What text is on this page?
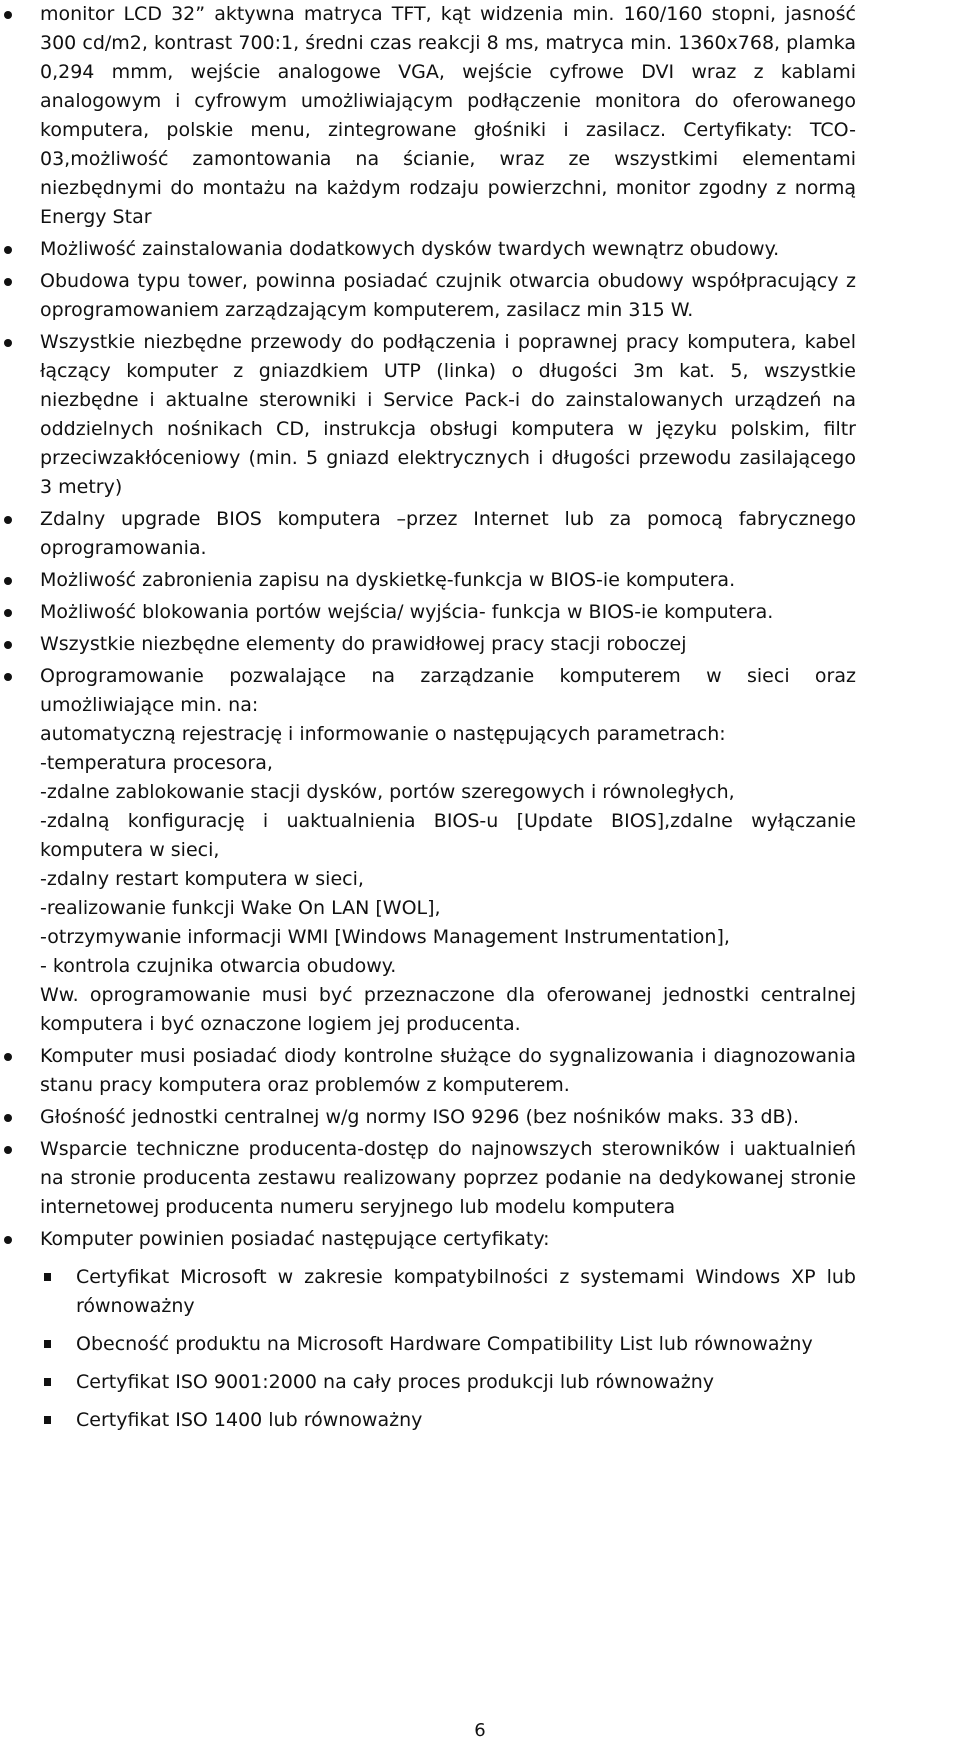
monitor LCD 32” aktywna matryca TFT, kąt widzenia min. 160/160 stopni, jasność 300 cd/m2, kontrast 700:1, średni czas reakcji 8 ms, matryca min. 1360x768, plamka 0,294 mmm, wejście analogowe VGA, wejście cyfrowe DVI wraz z kablami analogowym i cyfrowym umożliwiającym podłączenie monitora do oferowanego komputera, polskie menu, zintegrowane głośniki i zasilacz. Certyfikaty: TCO-03,możliwość zamontowania na ścianie, wraz ze wszystkimi elementami niezbędnymi do montażu na każdym rodzaju powierzchni, monitor zgodny z normą Energy Star
Możliwość zainstalowania dodatkowych dysków twardych wewnątrz obudowy.
Obudowa typu tower, powinna posiadać czujnik otwarcia obudowy współpracujący z oprogramowaniem zarządzającym komputerem, zasilacz min 315 W.
Wszystkie niezbędne przewody do podłączenia i poprawnej pracy komputera, kabel łączący komputer z gniazdkiem UTP (linka) o długości 3m kat. 5, wszystkie niezbędne i aktualne sterowniki i Service Pack-i do zainstalowanych urządzeń na oddzielnych nośnikach CD, instrukcja obsługi komputera w języku polskim, filtr przeciwzakłóceniowy (min. 5 gniazd elektrycznych i długości przewodu zasilającego 3 metry)
Zdalny upgrade BIOS komputera –przez Internet lub za pomocą fabrycznego oprogramowania.
Możliwość zabronienia zapisu na dyskietkę-funkcja w BIOS-ie komputera.
Możliwość blokowania portów wejścia/ wyjścia- funkcja w BIOS-ie komputera.
Wszystkie niezbędne elementy do prawidłowej pracy stacji roboczej
Oprogramowanie pozwalające na zarządzanie komputerem w sieci oraz umożliwiające min. na:
automatyczną rejestrację i informowanie o następujących parametrach:
-temperatura procesora,
-zdalne zablokowanie stacji dysków, portów szeregowych i równoległych,
-zdalną konfigurację i uaktualnienia BIOS-u [Update BIOS],zdalne wyłączanie komputera w sieci,
-zdalny restart komputera w sieci,
-realizowanie funkcji Wake On LAN [WOL],
-otrzymywanie informacji WMI [Windows Management Instrumentation],
- kontrola czujnika otwarcia obudowy.
Ww. oprogramowanie musi być przeznaczone dla oferowanej jednostki centralnej komputera i być oznaczone logiem jej producenta.
Komputer musi posiadać diody kontrolne służące do sygnalizowania i diagnozowania stanu pracy komputera oraz problemów z komputerem.
Głośność jednostki centralnej w/g normy ISO 9296 (bez nośników maks. 33 dB).
Wsparcie techniczne producenta-dostęp do najnowszych sterowników i uaktualnień na stronie producenta zestawu realizowany poprzez podanie na dedykowanej stronie internetowej producenta numeru seryjnego lub modelu komputera
Komputer powinien posiadać następujące certyfikaty:
Certyfikat Microsoft w zakresie kompatybilności z systemami Windows XP lub równoważny
Obecność produktu na Microsoft Hardware Compatibility List lub równoważny
Certyfikat ISO 9001:2000 na cały proces produkcji lub równoważny
Certyfikat ISO 1400 lub równoważny
6
